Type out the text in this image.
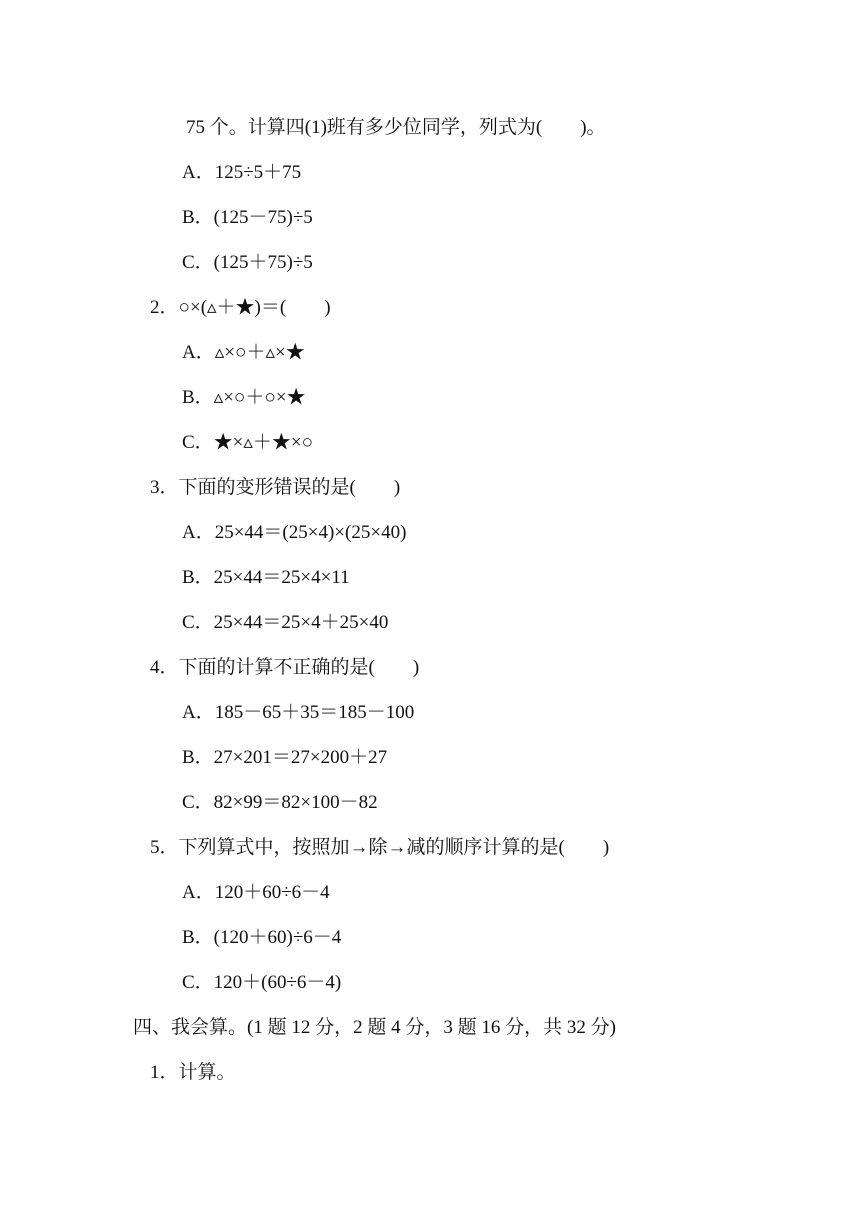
75 个。计算四(1)班有多少位同学，列式为(　　)。
A．125÷5＋75
B．(125－75)÷5
C．(125＋75)÷5
2．○×(▵＋★)＝(　　)
A．▵×○＋▵×★
B．▵×○＋○×★
C．★×▵＋★×○
3．下面的变形错误的是(　　)
A．25×44＝(25×4)×(25×40)
B．25×44＝25×4×11
C．25×44＝25×4＋25×40
4．下面的计算不正确的是(　　)
A．185－65＋35＝185－100
B．27×201＝27×200＋27
C．82×99＝82×100－82
5．下列算式中，按照加→除→减的顺序计算的是(　　)
A．120＋60÷6－4
B．(120＋60)÷6－4
C．120＋(60÷6－4)
四、我会算。(1 题 12 分，2 题 4 分，3 题 16 分，共 32 分)
1．计算。
